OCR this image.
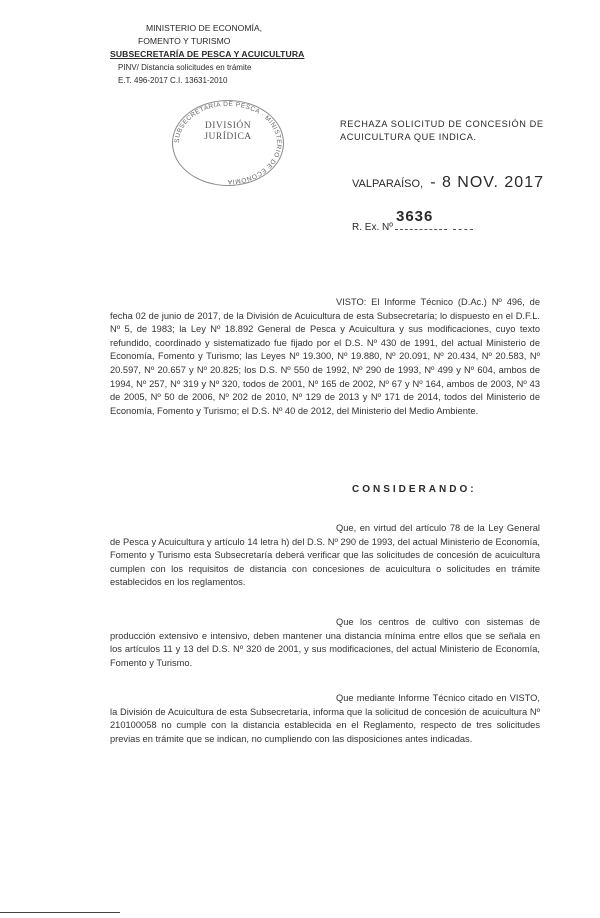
MINISTERIO DE ECONOMÍA,
FOMENTO Y TURISMO
SUBSECRETARÍA DE PESCA Y ACUICULTURA
PINV/ Distancia solicitudes en trámite
E.T. 496-2017 C.I. 13631-2010
SUBSECRETARÍA DE PESCA · MINISTERIO DE ECONOMÍA
DIVISIÓN
JURÍDICA
RECHAZA SOLICITUD DE CONCESIÓN DE ACUICULTURA QUE INDICA.
VALPARAÍSO, - 8 NOV. 2017
R. Ex. Nº
3636
VISTO: El Informe Técnico (D.Ac.) Nº 496, de fecha 02 de junio de 2017, de la División de Acuicultura de esta Subsecretaría; lo dispuesto en el D.F.L. Nº 5, de 1983; la Ley Nº 18.892 General de Pesca y Acuicultura y sus modificaciones, cuyo texto refundido, coordinado y sistematizado fue fijado por el D.S. Nº 430 de 1991, del actual Ministerio de Economía, Fomento y Turismo; las Leyes Nº 19.300, Nº 19.880, Nº 20.091, Nº 20.434, Nº 20.583, Nº 20.597, Nº 20.657 y Nº 20.825; los D.S. Nº 550 de 1992, Nº 290 de 1993, Nº 499 y Nº 604, ambos de 1994, Nº 257, Nº 319 y Nº 320, todos de 2001, Nº 165 de 2002, Nº 67 y Nº 164, ambos de 2003, Nº 43 de 2005, Nº 50 de 2006, Nº 202 de 2010, Nº 129 de 2013 y Nº 171 de 2014, todos del Ministerio de Economía, Fomento y Turismo; el D.S. Nº 40 de 2012, del Ministerio del Medio Ambiente.
CONSIDERANDO:
Que, en virtud del artículo 78 de la Ley General de Pesca y Acuicultura y artículo 14 letra h) del D.S. Nº 290 de 1993, del actual Ministerio de Economía, Fomento y Turismo esta Subsecretaría deberá verificar que las solicitudes de concesión de acuicultura cumplen con los requisitos de distancia con concesiones de acuicultura o solicitudes en trámite establecidos en los reglamentos.
Que los centros de cultivo con sistemas de producción extensivo e intensivo, deben mantener una distancia mínima entre ellos que se señala en los artículos 11 y 13 del D.S. Nº 320 de 2001, y sus modificaciones, del actual Ministerio de Economía, Fomento y Turismo.
Que mediante Informe Técnico citado en VISTO, la División de Acuicultura de esta Subsecretaría, informa que la solicitud de concesión de acuicultura Nº 210100058 no cumple con la distancia establecida en el Reglamento, respecto de tres solicitudes previas en trámite que se indican, no cumpliendo con las disposiciones antes indicadas.
